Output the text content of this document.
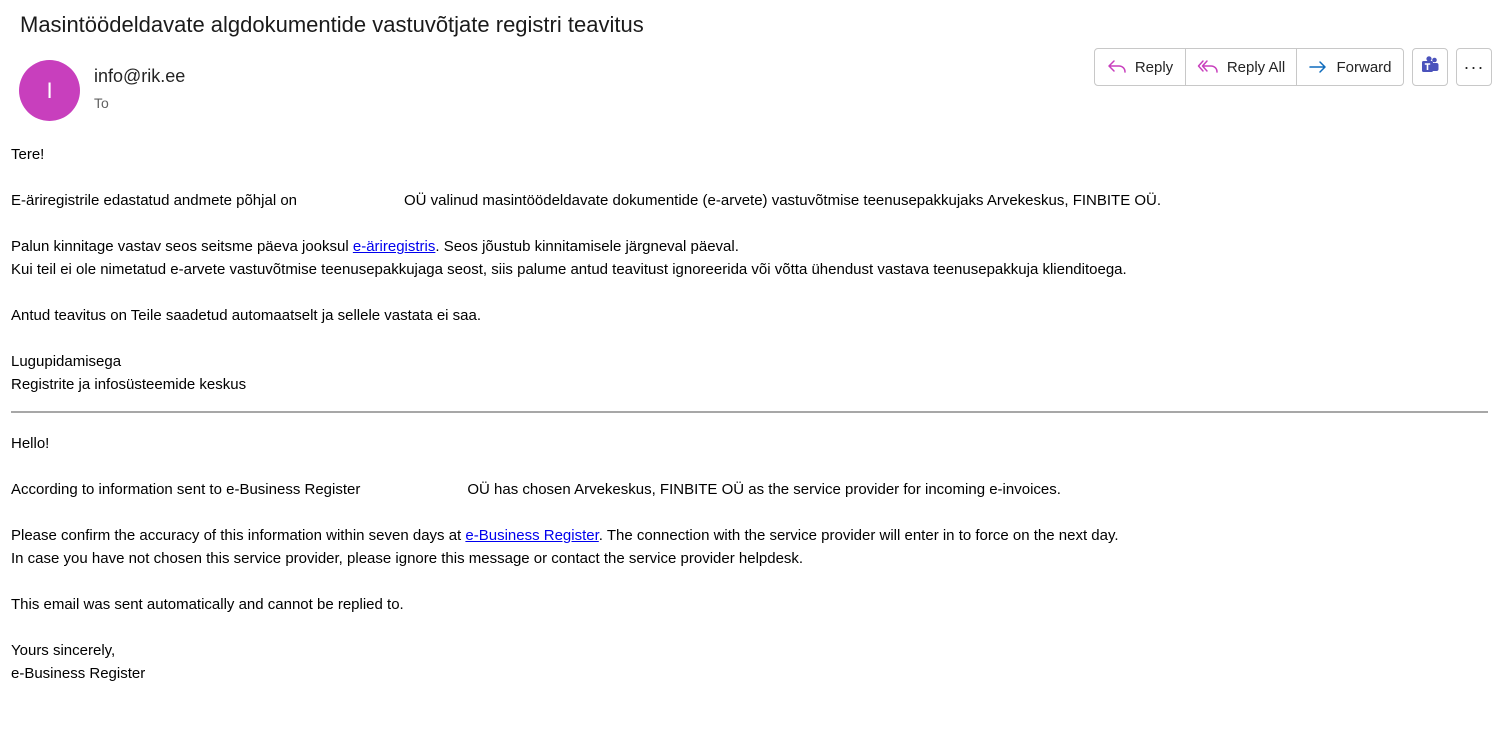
Masintöödeldavate algdokumentide vastuvõtjate registri teavitus
I
info@rik.ee
To
Reply	Reply All	Forward	···
Tere!
E-äriregistrile edastatud andmete põhjal on	OÜ valinud masintöödeldavate dokumentide (e-arvete) vastuvõtmise teenusepakkujaks Arvekeskus, FINBITE OÜ.
Palun kinnitage vastav seos seitsme päeva jooksul e-äriregistris. Seos jõustub kinnitamisele järgneval päeval.
Kui teil ei ole nimetatud e-arvete vastuvõtmise teenusepakkujaga seost, siis palume antud teavitust ignoreerida või võtta ühendust vastava teenusepakkuja klienditoega.
Antud teavitus on Teile saadetud automaatselt ja sellele vastata ei saa.
Lugupidamisega
Registrite ja infosüsteemide keskus
Hello!
According to information sent to e-Business Register	OÜ has chosen Arvekeskus, FINBITE OÜ as the service provider for incoming e-invoices.
Please confirm the accuracy of this information within seven days at e-Business Register. The connection with the service provider will enter in to force on the next day.
In case you have not chosen this service provider, please ignore this message or contact the service provider helpdesk.
This email was sent automatically and cannot be replied to.
Yours sincerely,
e-Business Register
